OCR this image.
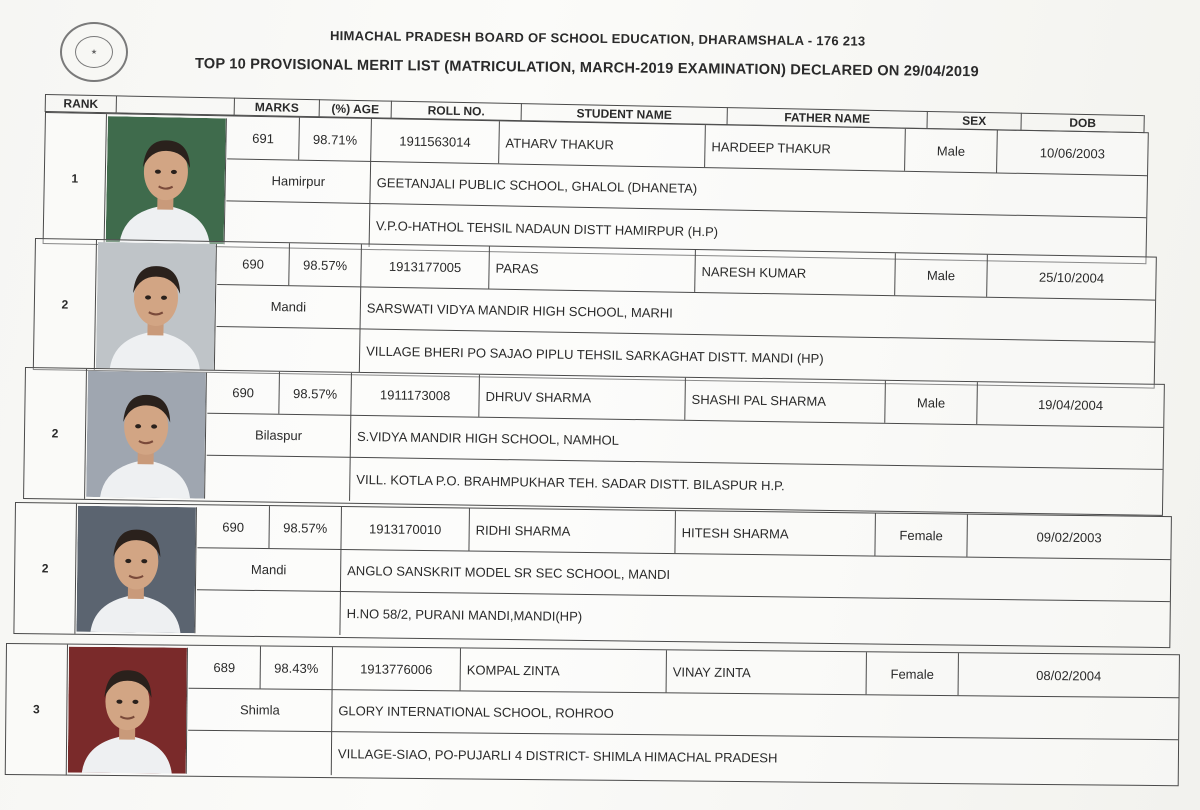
★
HIMACHAL PRADESH BOARD OF SCHOOL EDUCATION, DHARAMSHALA - 176 213
TOP 10 PROVISIONAL MERIT LIST (MATRICULATION, MARCH-2019 EXAMINATION) DECLARED ON 29/04/2019
RANK	MARKS	(%) AGE	ROLL NO.	STUDENT NAME	FATHER NAME	SEX	DOB
1
691	98.71%	1911563014	ATHARV THAKUR	HARDEEP THAKUR	Male	10/06/2003
Hamirpur	GEETANJALI PUBLIC SCHOOL, GHALOL (DHANETA)
V.P.O-HATHOL TEHSIL NADAUN DISTT HAMIRPUR (H.P)
2
690	98.57%	1913177005	PARAS	NARESH KUMAR	Male	25/10/2004
Mandi	SARSWATI VIDYA MANDIR HIGH SCHOOL, MARHI
VILLAGE BHERI PO SAJAO PIPLU TEHSIL SARKAGHAT DISTT. MANDI (HP)
2
690	98.57%	1911173008	DHRUV SHARMA	SHASHI PAL SHARMA	Male	19/04/2004
Bilaspur	S.VIDYA MANDIR HIGH SCHOOL, NAMHOL
VILL. KOTLA P.O. BRAHMPUKHAR TEH. SADAR DISTT. BILASPUR H.P.
2
690	98.57%	1913170010	RIDHI SHARMA	HITESH SHARMA	Female	09/02/2003
Mandi	ANGLO SANSKRIT MODEL SR SEC SCHOOL, MANDI
H.NO 58/2, PURANI MANDI,MANDI(HP)
3
689	98.43%	1913776006	KOMPAL ZINTA	VINAY ZINTA	Female	08/02/2004
Shimla	GLORY INTERNATIONAL SCHOOL, ROHROO
VILLAGE-SIAO, PO-PUJARLI 4 DISTRICT- SHIMLA HIMACHAL PRADESH
